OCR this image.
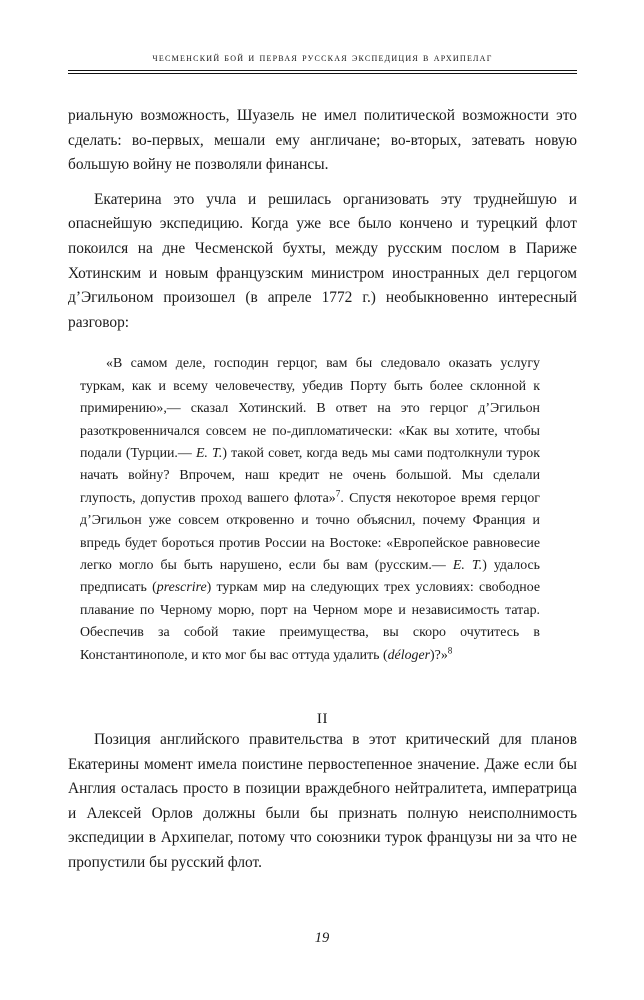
чесменский бой и первая русская экспедиция в архипелаг

риальную возможность, Шуазель не имел политической возможности это сделать: во-первых, мешали ему англичане; во-вторых, затевать новую большую войну не позволяли финансы.

Екатерина это учла и решилась организовать эту труднейшую и опаснейшую экспедицию. Когда уже все было кончено и турецкий флот покоился на дне Чесменской бухты, между русским послом в Париже Хотинским и новым французским министром иностранных дел герцогом д’Эгильоном произошел (в апреле 1772 г.) необыкновенно интересный разговор:

«В самом деле, господин герцог, вам бы следовало оказать услугу туркам, как и всему человечеству, убедив Порту быть более склонной к примирению»,— сказал Хотинский. В ответ на это герцог д’Эгильон разоткровенничался совсем не по-дипломатически: «Как вы хотите, чтобы подали (Турции.— Е. Т.) такой совет, когда ведь мы сами подтолкнули турок начать войну? Впрочем, наш кредит не очень большой. Мы сделали глупость, допустив проход вашего флота»$^7$. Спустя некоторое время герцог д’Эгильон уже совсем откровенно и точно объяснил, почему Франция и впредь будет бороться против России на Востоке: «Европейское равновесие легко могло бы быть нарушено, если бы вам (русским.— Е. Т.) удалось предписать (prescrire) туркам мир на следующих трех условиях: свободное плавание по Черному морю, порт на Черном море и независимость татар. Обеспечив за собой такие преимущества, вы скоро очутитесь в Константинополе, и кто мог бы вас оттуда удалить (déloger)?»$^8$

II

Позиция английского правительства в этот критический для планов Екатерины момент имела поистине первостепенное значение. Даже если бы Англия осталась просто в позиции враждебного нейтралитета, императрица и Алексей Орлов должны были бы признать полную неисполнимость экспедиции в Архипелаг, потому что союзники турок французы ни за что не пропустили бы русский флот.

19
